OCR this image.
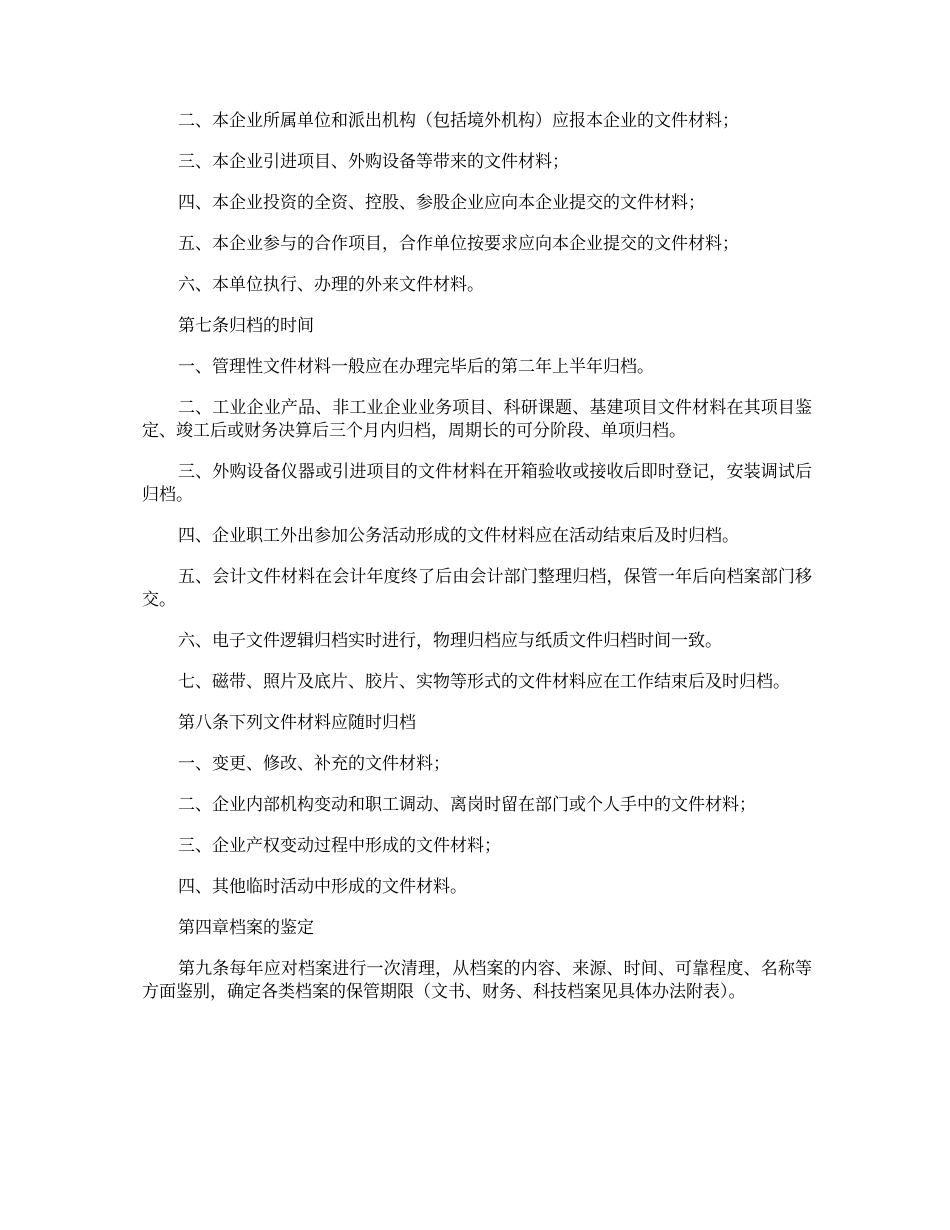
二、本企业所属单位和派出机构（包括境外机构）应报本企业的文件材料；

三、本企业引进项目、外购设备等带来的文件材料；

四、本企业投资的全资、控股、参股企业应向本企业提交的文件材料；

五、本企业参与的合作项目，合作单位按要求应向本企业提交的文件材料；

六、本单位执行、办理的外来文件材料。

第七条归档的时间

一、管理性文件材料一般应在办理完毕后的第二年上半年归档。

二、工业企业产品、非工业企业业务项目、科研课题、基建项目文件材料在其项目鉴定、竣工后或财务决算后三个月内归档，周期长的可分阶段、单项归档。

三、外购设备仪器或引进项目的文件材料在开箱验收或接收后即时登记，安装调试后归档。

四、企业职工外出参加公务活动形成的文件材料应在活动结束后及时归档。

五、会计文件材料在会计年度终了后由会计部门整理归档，保管一年后向档案部门移交。

六、电子文件逻辑归档实时进行，物理归档应与纸质文件归档时间一致。

七、磁带、照片及底片、胶片、实物等形式的文件材料应在工作结束后及时归档。

第八条下列文件材料应随时归档

一、变更、修改、补充的文件材料；

二、企业内部机构变动和职工调动、离岗时留在部门或个人手中的文件材料；

三、企业产权变动过程中形成的文件材料；

四、其他临时活动中形成的文件材料。

第四章档案的鉴定

第九条每年应对档案进行一次清理，从档案的内容、来源、时间、可靠程度、名称等方面鉴别，确定各类档案的保管期限（文书、财务、科技档案见具体办法附表）。
